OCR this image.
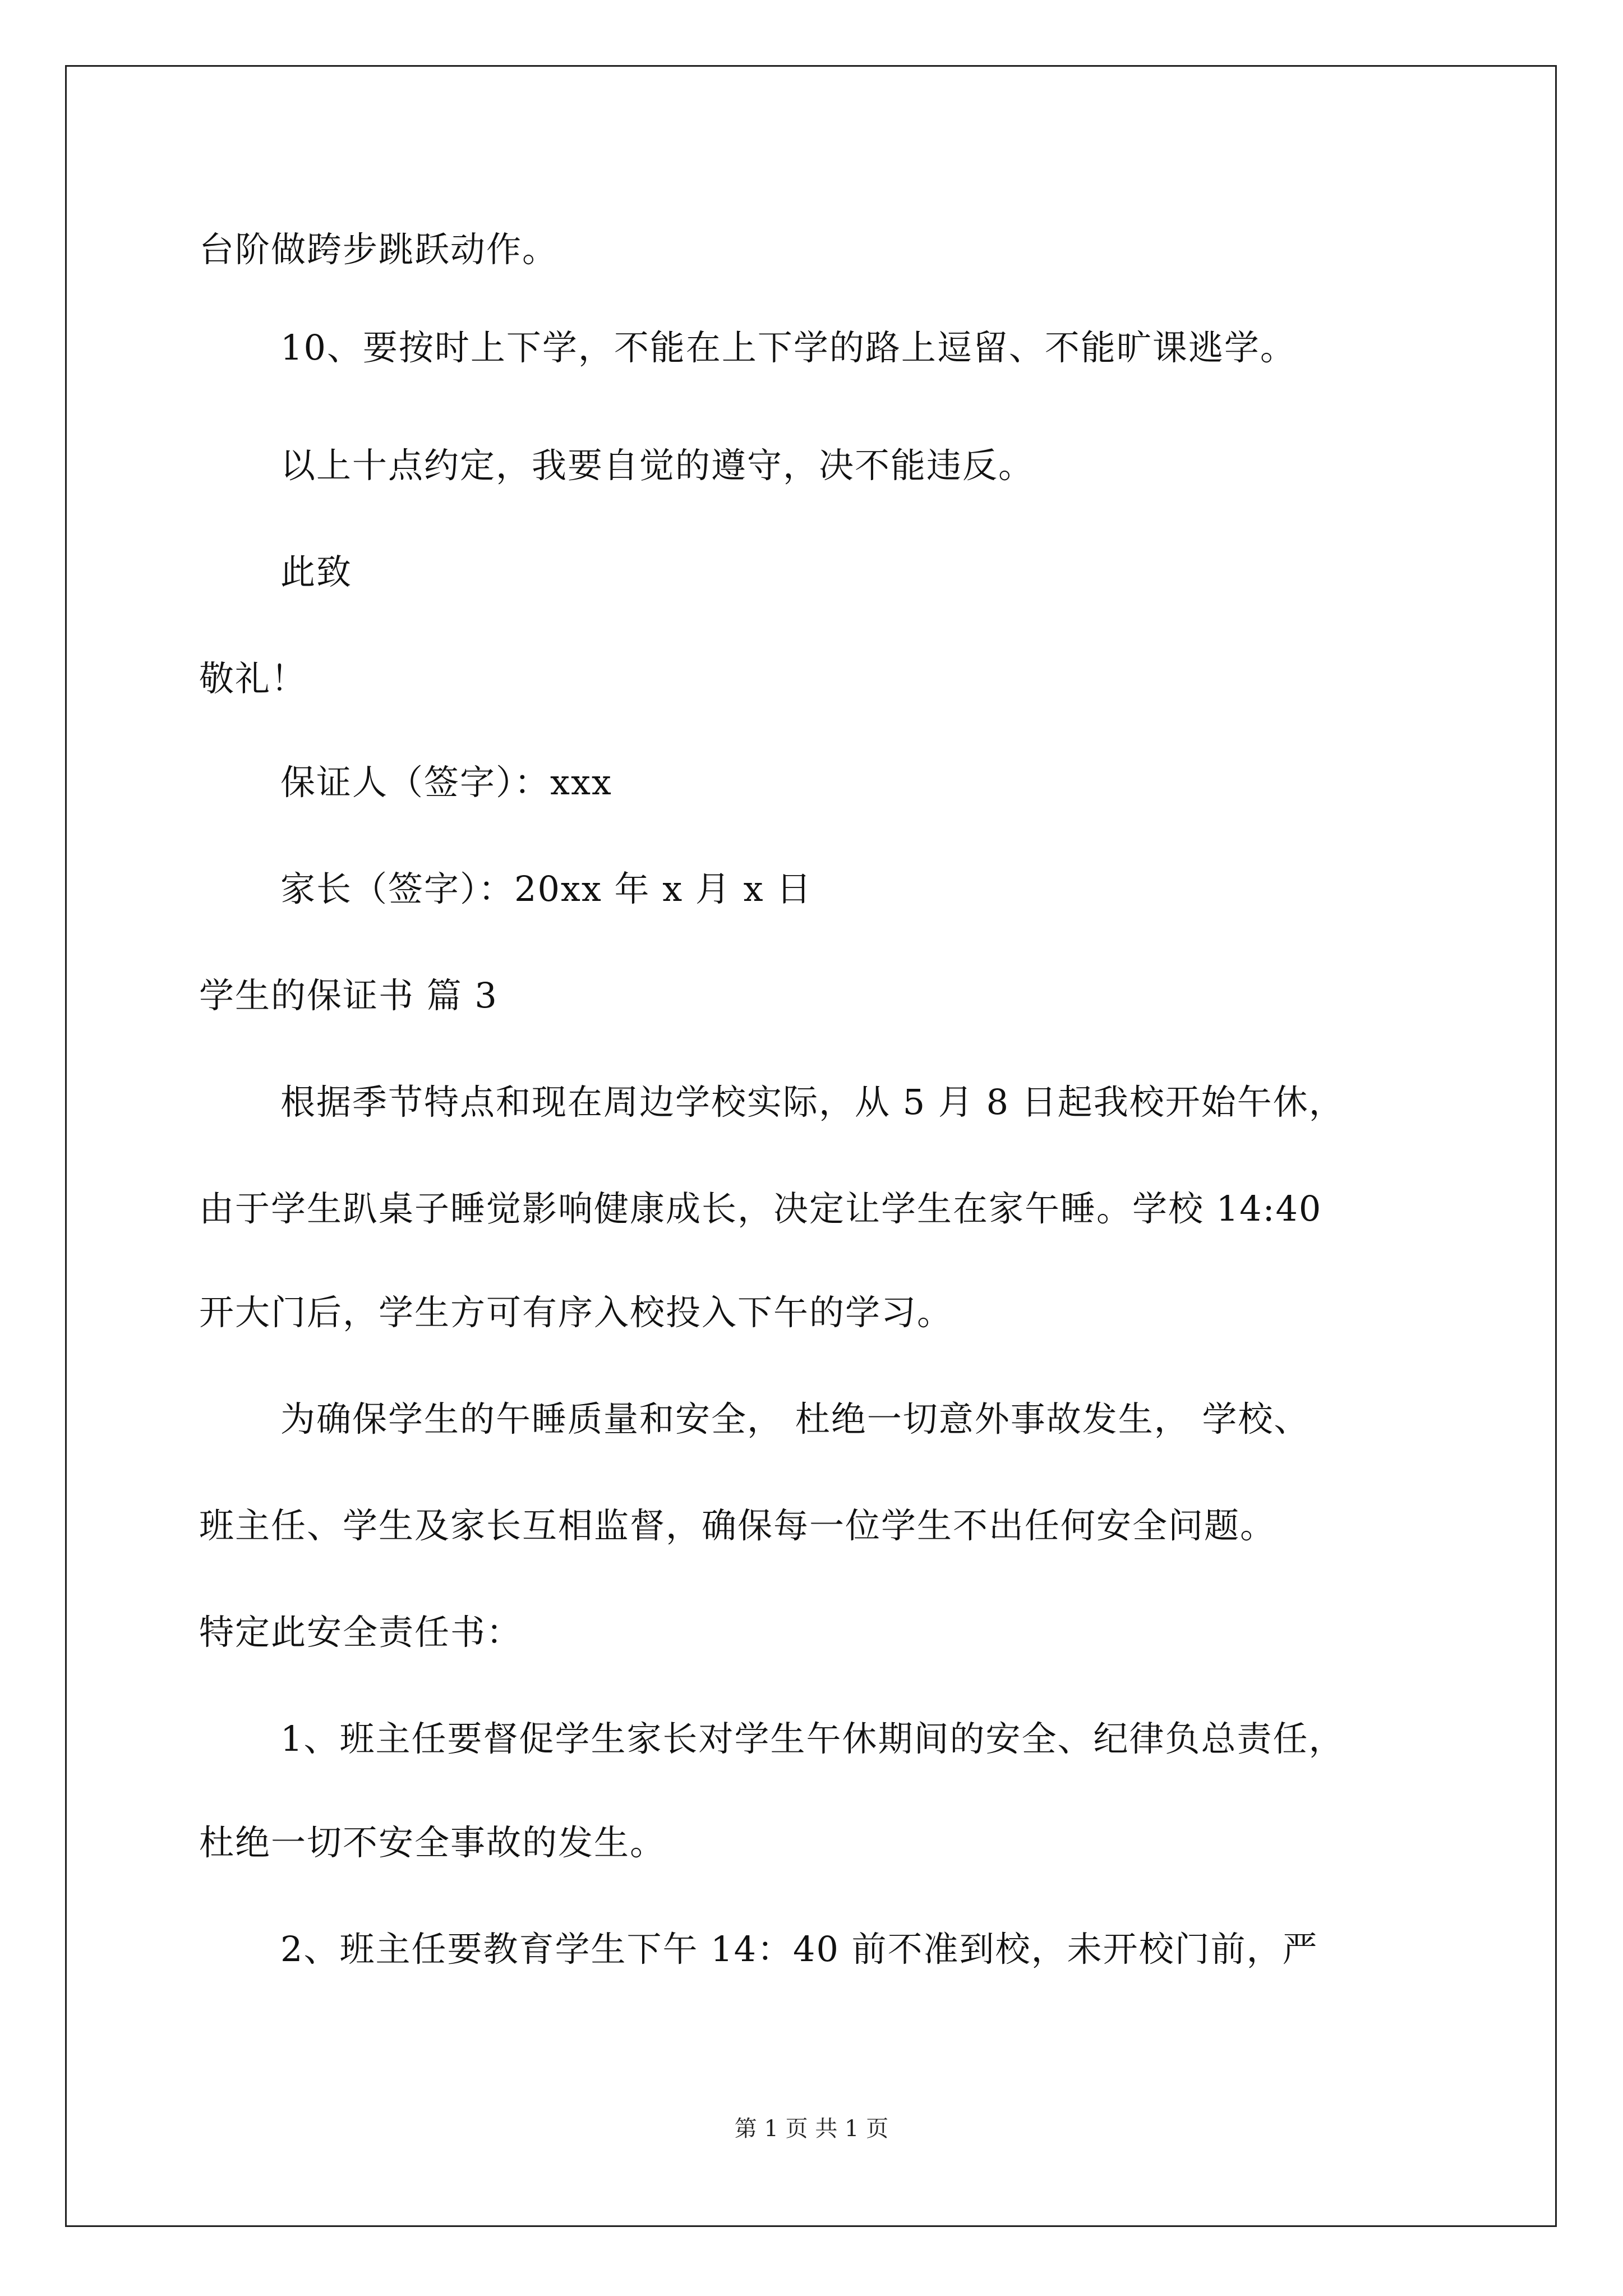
台阶做跨步跳跃动作。
10、要按时上下学，不能在上下学的路上逗留、不能旷课逃学。
以上十点约定，我要自觉的遵守，决不能违反。
此致
敬礼！
保证人（签字）：xxx
家长（签字）：20xx 年 x 月 x 日
学生的保证书 篇 3
根据季节特点和现在周边学校实际，从 5 月 8 日起我校开始午休，
由于学生趴桌子睡觉影响健康成长，决定让学生在家午睡。学校 14:40
开大门后，学生方可有序入校投入下午的学习。
为确保学生的午睡质量和安全， 杜绝一切意外事故发生， 学校、
班主任、学生及家长互相监督，确保每一位学生不出任何安全问题。
特定此安全责任书：
1、班主任要督促学生家长对学生午休期间的安全、纪律负总责任，
杜绝一切不安全事故的发生。
2、班主任要教育学生下午 14：40 前不准到校，未开校门前，严
第 1 页 共 1 页
